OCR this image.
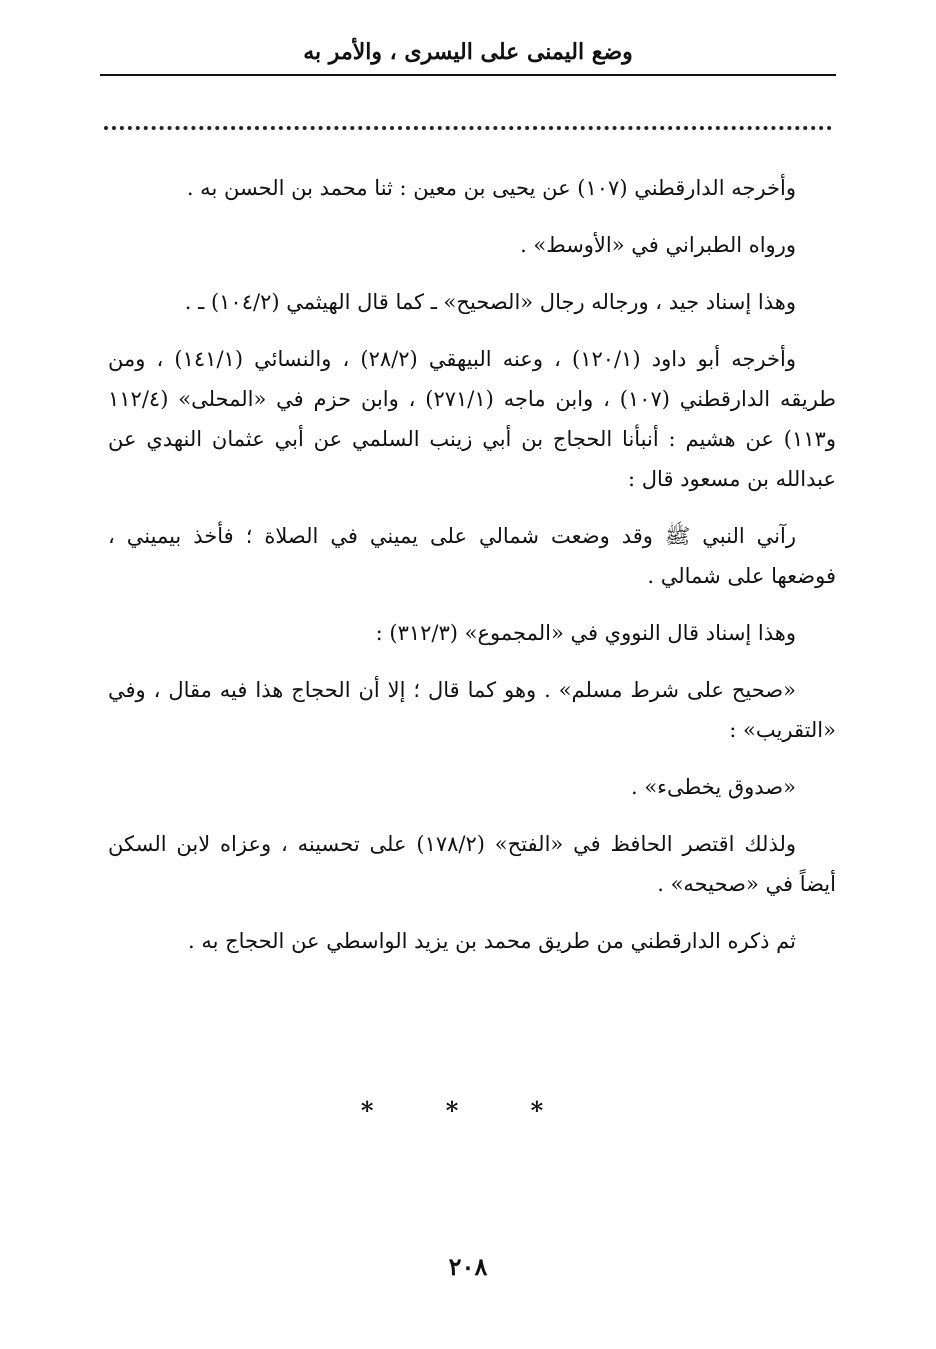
وضع اليمنى على اليسرى ، والأمر به

وأخرجه الدارقطني (١٠٧) عن يحيى بن معين : ثنا محمد بن الحسن به .

ورواه الطبراني في «الأوسط» .

وهذا إسناد جيد ، ورجاله رجال «الصحيح» ـ كما قال الهيثمي (١٠٤/٢) ـ .

وأخرجه أبو داود (١٢٠/١) ، وعنه البيهقي (٢٨/٢) ، والنسائي (١٤١/١) ، ومن طريقه الدارقطني (١٠٧) ، وابن ماجه (٢٧١/١) ، وابن حزم في «المحلى» (١١٢/٤ و١١٣) عن هشيم : أنبأنا الحجاج بن أبي زينب السلمي عن أبي عثمان النهدي عن عبدالله بن مسعود قال :

رآني النبي ﷺ وقد وضعت شمالي على يميني في الصلاة ؛ فأخذ بيميني ، فوضعها على شمالي .

وهذا إسناد قال النووي في «المجموع» (٣١٢/٣) :

«صحيح على شرط مسلم» . وهو كما قال ؛ إلا أن الحجاج هذا فيه مقال ، وفي «التقريب» :

«صدوق يخطىء» .

ولذلك اقتصر الحافظ في «الفتح» (١٧٨/٢) على تحسينه ، وعزاه لابن السكن أيضاً في «صحيحه» .

ثم ذكره الدارقطني من طريق محمد بن يزيد الواسطي عن الحجاج به .

* * *
٢٠٨
